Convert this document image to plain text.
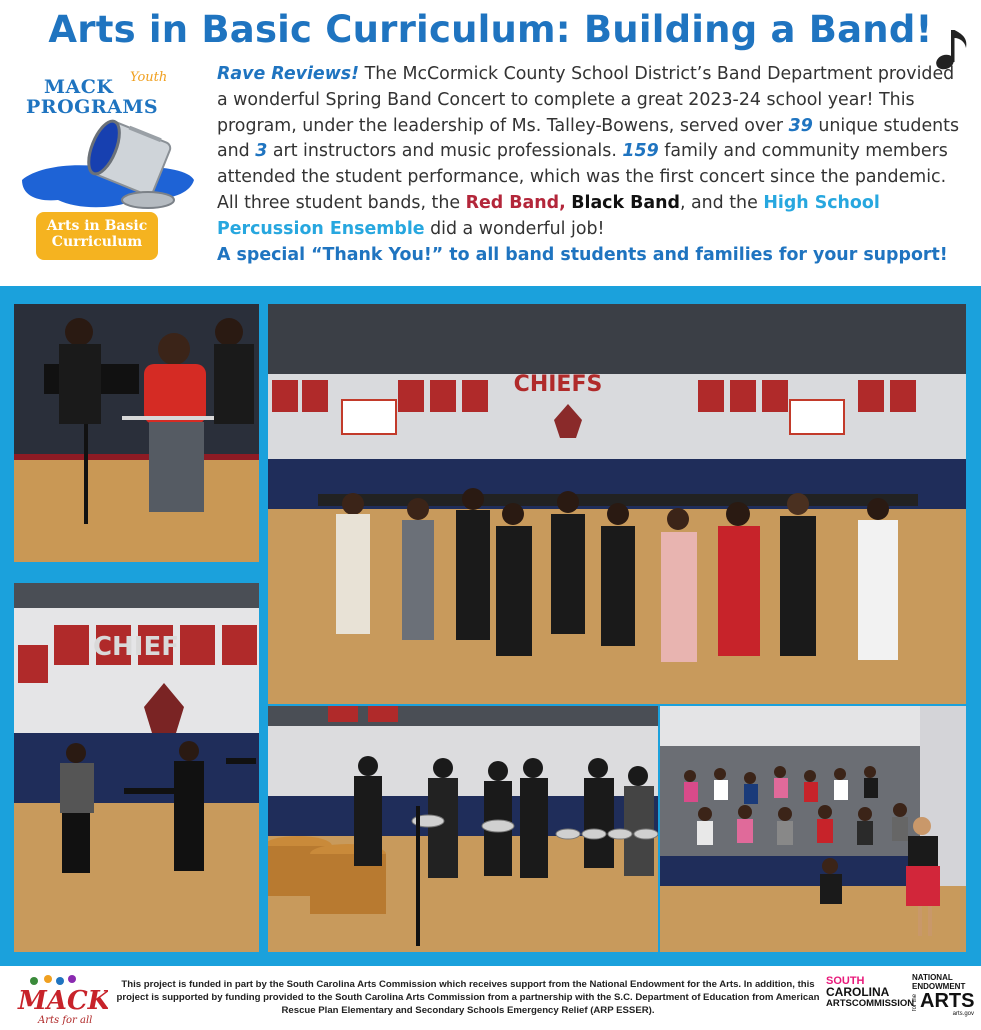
Arts in Basic Curriculum: Building a Band!
MACK Youth
PROGRAMS
Arts in Basic
Curriculum
Rave Reviews! The McCormick County School District’s Band Department provided a wonderful Spring Band Concert to complete a great 2023-24 school year! This program, under the leadership of Ms. Talley-Bowens, served over 39 unique students and 3 art instructors and music professionals. 159 family and community members attended the student performance, which was the first concert since the pandemic. All three student bands, the Red Band, Black Band, and the High School Percussion Ensemble did a wonderful job!
A special “Thank You!” to all band students and families for your support!
CHIEFS
CHIEF
MACK
Arts for all
This project is funded in part by the South Carolina Arts Commission which receives support from the National Endowment for the Arts. In addition, this project is supported by funding provided to the South Carolina Arts Commission from a partnership with the S.C. Department of Education from American Rescue Plan Elementary and Secondary Schools Emergency Relief (ARP ESSER).
SOUTH
CAROLINA
ARTSCOMMISSION
NATIONAL
ENDOWMENT
for the ARTS
arts.gov
